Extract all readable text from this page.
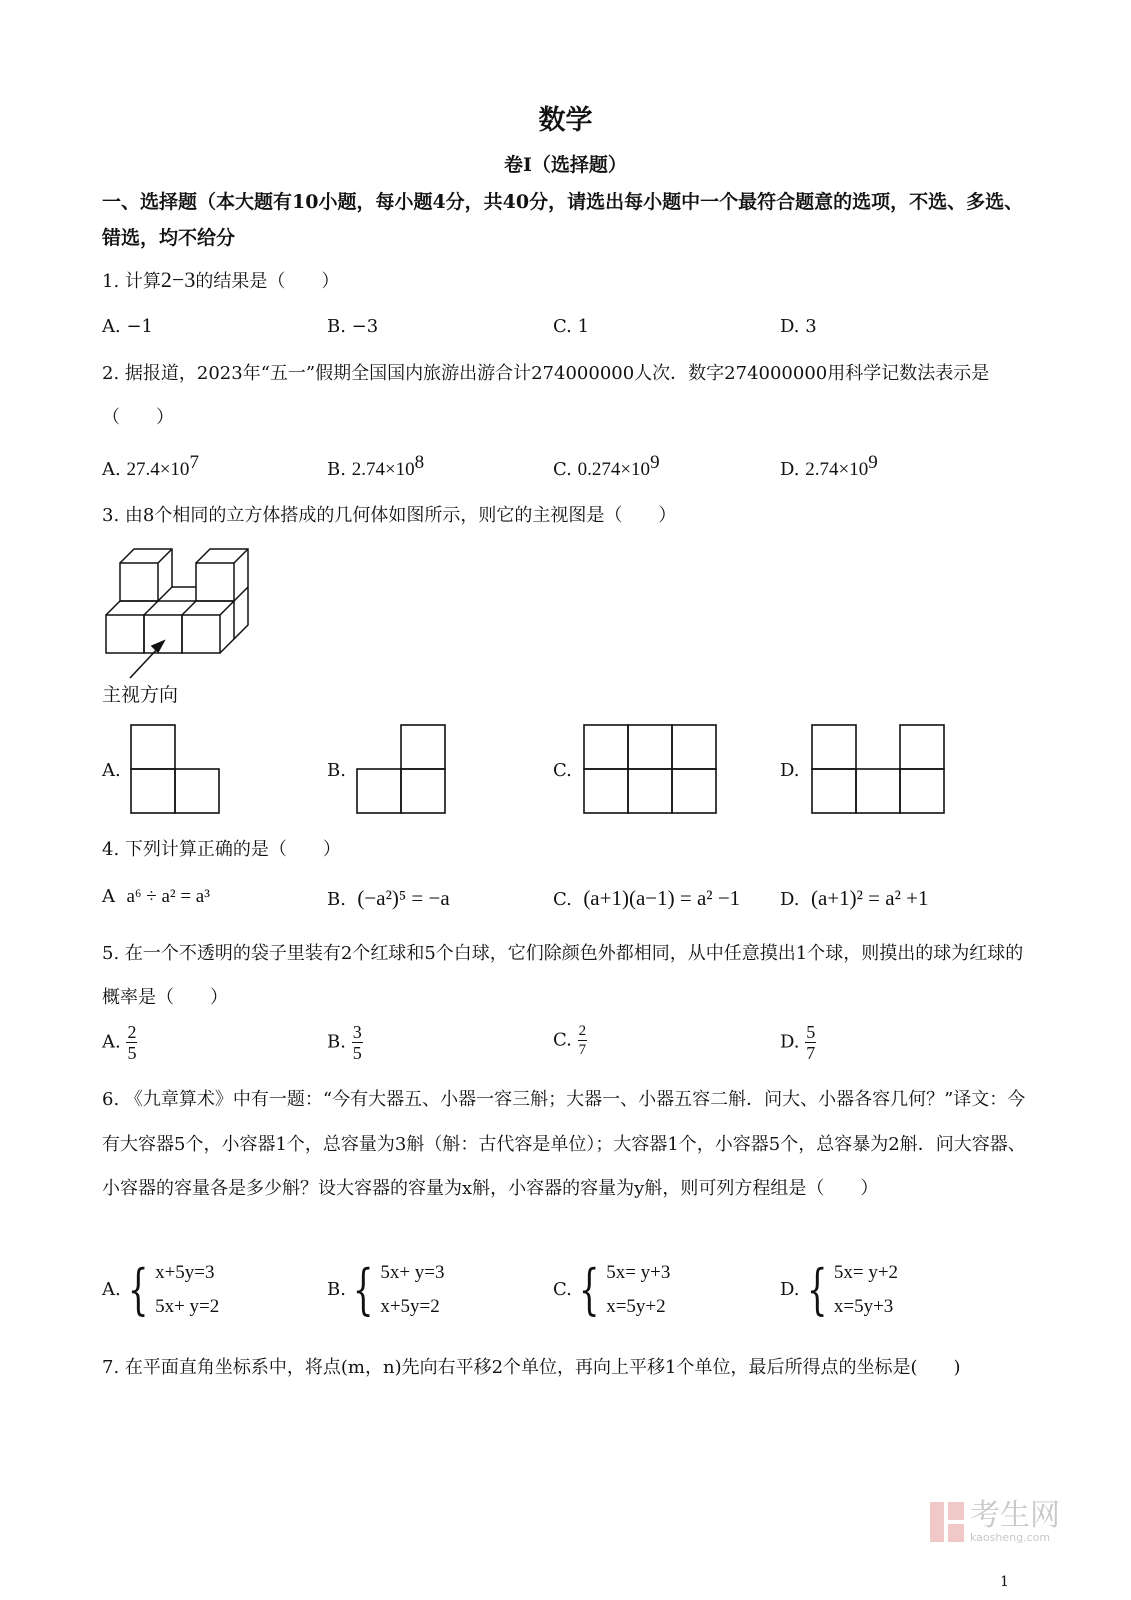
数学
卷Ⅰ（选择题）
一、选择题（本大题有10小题，每小题4分，共40分，请选出每小题中一个最符合题意的选项，不选、多选、错选，均不给分
1. 计算2−3的结果是（　　）
A. −1	B. −3	C. 1	D. 3
2. 据报道，2023年“五一”假期全国国内旅游出游合计274000000人次．数字274000000用科学记数法表示是（　　）
A. $27.4\times 10^7$	B. $2.74\times 10^8$	C. $0.274\times 10^9$	D. $2.74\times 10^9$
3. 由8个相同的立方体搭成的几何体如图所示，则它的主视图是（　　）
主视方向
A.	B.	C.	D.
4. 下列计算正确的是（　　）
A a⁶ ÷ a² = a³	B. (−a²)⁵ = −a	C. (a+1)(a−1) = a² −1 D. (a+1)² = a² +1
5. 在一个不透明的袋子里装有2个红球和5个白球，它们除颜色外都相同，从中任意摸出1个球，则摸出的球为红球的概率是（　　）
A. $\frac{2}{5}$	B. $\frac{3}{5}$	C. $\frac{2}{7}$	D. $\frac{5}{7}$
6. 《九章算术》中有一题：“今有大器五、小器一容三斛；大器一、小器五容二斛．问大、小器各容几何？”译文：今有大容器5个，小容器1个，总容量为3斛（斛：古代容是单位）；大容器1个，小容器5个，总容暴为2斛．问大容器、小容器的容量各是多少斛？设大容器的容量为x斛，小容器的容量为y斛，则可列方程组是（　　）
A. { x+5y=3
5x+ y=2
B. { 5x+ y=3
x+5y=2
C. { 5x= y+3
x=5y+2
D. { 5x= y+2
x=5y+3
7. 在平面直角坐标系中，将点(m，n)先向右平移2个单位，再向上平移1个单位，最后所得点的坐标是(　　)
考生网
kaosheng.com
1
